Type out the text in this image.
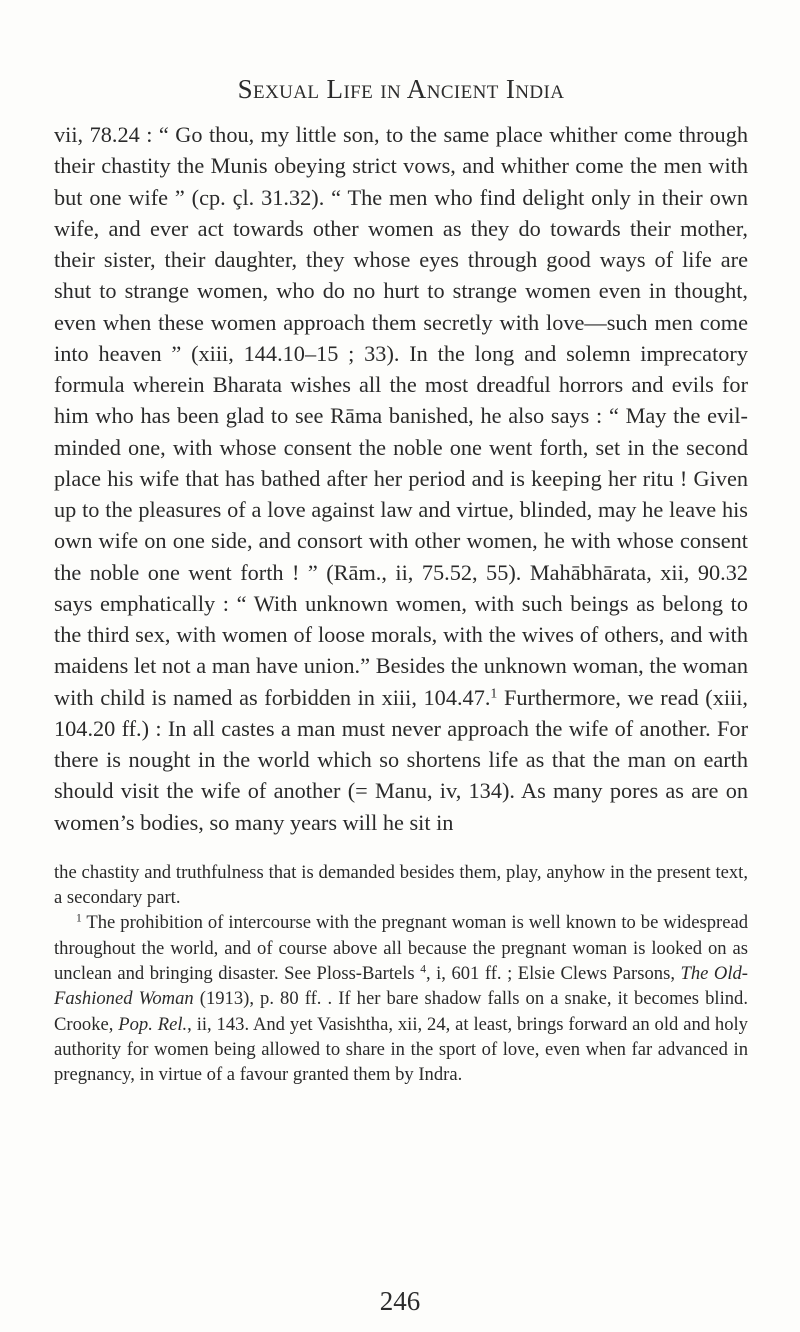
Sexual Life in Ancient India

vii, 78.24 : “ Go thou, my little son, to the same place whither come through their chastity the Munis obeying strict vows, and whither come the men with but one wife ” (cp. çl. 31.32). “ The men who find delight only in their own wife, and ever act towards other women as they do towards their mother, their sister, their daughter, they whose eyes through good ways of life are shut to strange women, who do no hurt to strange women even in thought, even when these women approach them secretly with love—such men come into heaven ” (xiii, 144.10–15 ; 33). In the long and solemn imprecatory formula wherein Bharata wishes all the most dreadful horrors and evils for him who has been glad to see Rāma banished, he also says : “ May the evil-minded one, with whose consent the noble one went forth, set in the second place his wife that has bathed after her period and is keeping her ritu ! Given up to the pleasures of a love against law and virtue, blinded, may he leave his own wife on one side, and consort with other women, he with whose consent the noble one went forth ! ” (Rām., ii, 75.52, 55). Mahābhārata, xii, 90.32 says emphatically : “ With unknown women, with such beings as belong to the third sex, with women of loose morals, with the wives of others, and with maidens let not a man have union.” Besides the unknown woman, the woman with child is named as forbidden in xiii, 104.47.$^1$ Furthermore, we read (xiii, 104.20 ff.) : In all castes a man must never approach the wife of another. For there is nought in the world which so shortens life as that the man on earth should visit the wife of another (= Manu, iv, 134). As many pores as are on women’s bodies, so many years will he sit in

the chastity and truthfulness that is demanded besides them, play, anyhow in the present text, a secondary part.

$^1$ The prohibition of intercourse with the pregnant woman is well known to be widespread throughout the world, and of course above all because the pregnant woman is looked on as unclean and bringing disaster. See Ploss-Bartels $^4$, i, 601 ff. ; Elsie Clews Parsons, The Old-Fashioned Woman (1913), p. 80 ff. . If her bare shadow falls on a snake, it becomes blind. Crooke, Pop. Rel., ii, 143. And yet Vasishtha, xii, 24, at least, brings forward an old and holy authority for women being allowed to share in the sport of love, even when far advanced in pregnancy, in virtue of a favour granted them by Indra.

246
